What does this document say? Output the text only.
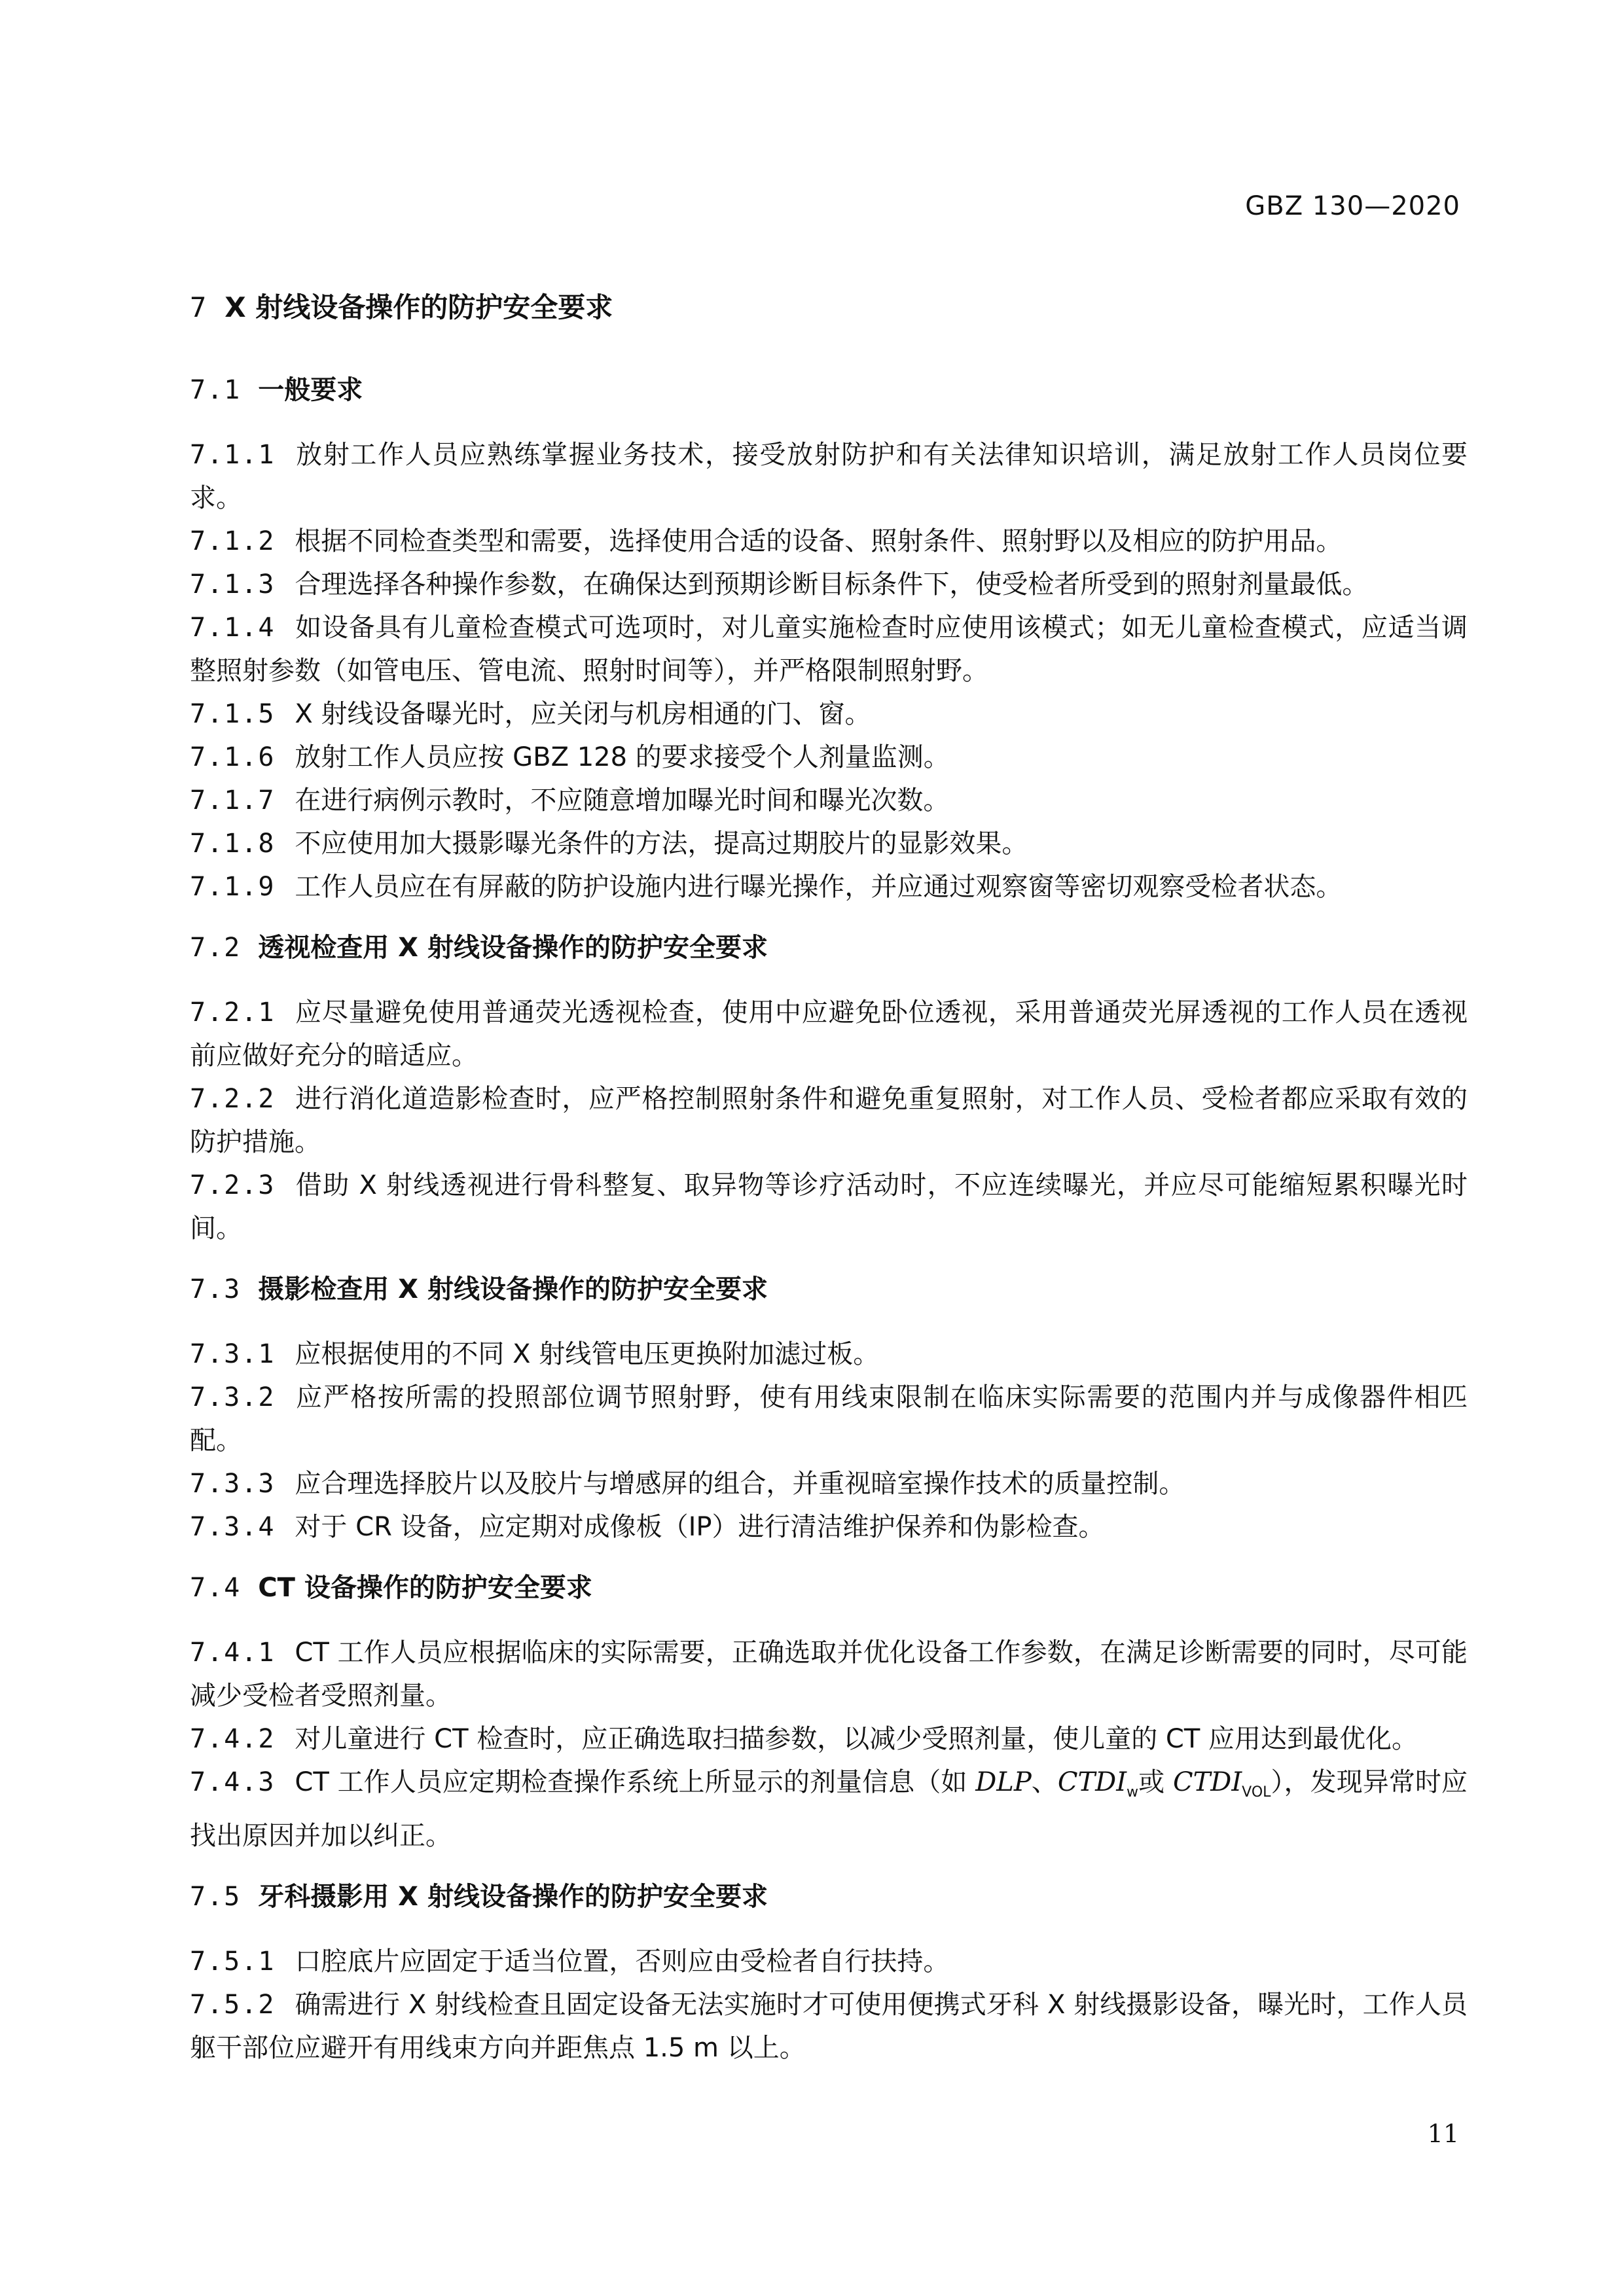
GBZ 130—2020

7 X 射线设备操作的防护安全要求

7.1 一般要求

7.1.1 放射工作人员应熟练掌握业务技术，接受放射防护和有关法律知识培训，满足放射工作人员岗位要求。

7.1.2 根据不同检查类型和需要，选择使用合适的设备、照射条件、照射野以及相应的防护用品。

7.1.3 合理选择各种操作参数，在确保达到预期诊断目标条件下，使受检者所受到的照射剂量最低。

7.1.4 如设备具有儿童检查模式可选项时，对儿童实施检查时应使用该模式；如无儿童检查模式，应适当调整照射参数（如管电压、管电流、照射时间等），并严格限制照射野。

7.1.5 X 射线设备曝光时，应关闭与机房相通的门、窗。

7.1.6 放射工作人员应按 GBZ 128 的要求接受个人剂量监测。

7.1.7 在进行病例示教时，不应随意增加曝光时间和曝光次数。

7.1.8 不应使用加大摄影曝光条件的方法，提高过期胶片的显影效果。

7.1.9 工作人员应在有屏蔽的防护设施内进行曝光操作，并应通过观察窗等密切观察受检者状态。

7.2 透视检查用 X 射线设备操作的防护安全要求

7.2.1 应尽量避免使用普通荧光透视检查，使用中应避免卧位透视，采用普通荧光屏透视的工作人员在透视前应做好充分的暗适应。

7.2.2 进行消化道造影检查时，应严格控制照射条件和避免重复照射，对工作人员、受检者都应采取有效的防护措施。

7.2.3 借助 X 射线透视进行骨科整复、取异物等诊疗活动时，不应连续曝光，并应尽可能缩短累积曝光时间。

7.3 摄影检查用 X 射线设备操作的防护安全要求

7.3.1 应根据使用的不同 X 射线管电压更换附加滤过板。

7.3.2 应严格按所需的投照部位调节照射野，使有用线束限制在临床实际需要的范围内并与成像器件相匹配。

7.3.3 应合理选择胶片以及胶片与增感屏的组合，并重视暗室操作技术的质量控制。

7.3.4 对于 CR 设备，应定期对成像板（IP）进行清洁维护保养和伪影检查。

7.4 CT 设备操作的防护安全要求

7.4.1 CT 工作人员应根据临床的实际需要，正确选取并优化设备工作参数，在满足诊断需要的同时，尽可能减少受检者受照剂量。

7.4.2 对儿童进行 CT 检查时，应正确选取扫描参数，以减少受照剂量，使儿童的 CT 应用达到最优化。

7.4.3 CT 工作人员应定期检查操作系统上所显示的剂量信息（如 DLP、$CTDI_w$或 $CTDI_{VOL}$），发现异常时应找出原因并加以纠正。

7.5 牙科摄影用 X 射线设备操作的防护安全要求

7.5.1 口腔底片应固定于适当位置，否则应由受检者自行扶持。

7.5.2 确需进行 X 射线检查且固定设备无法实施时才可使用便携式牙科 X 射线摄影设备，曝光时，工作人员躯干部位应避开有用线束方向并距焦点 1.5 m 以上。

11
